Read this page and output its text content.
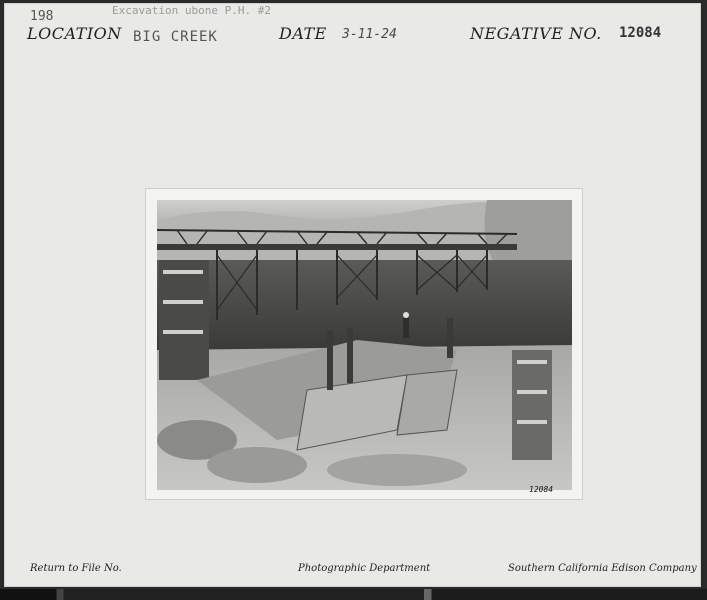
198	Excavation ubone P.H. #2
LOCATION BIG CREEK	DATE 3-11-24	NEGATIVE NO. 12084
12084
Return to File No.	Photographic Department	Southern California Edison Company
